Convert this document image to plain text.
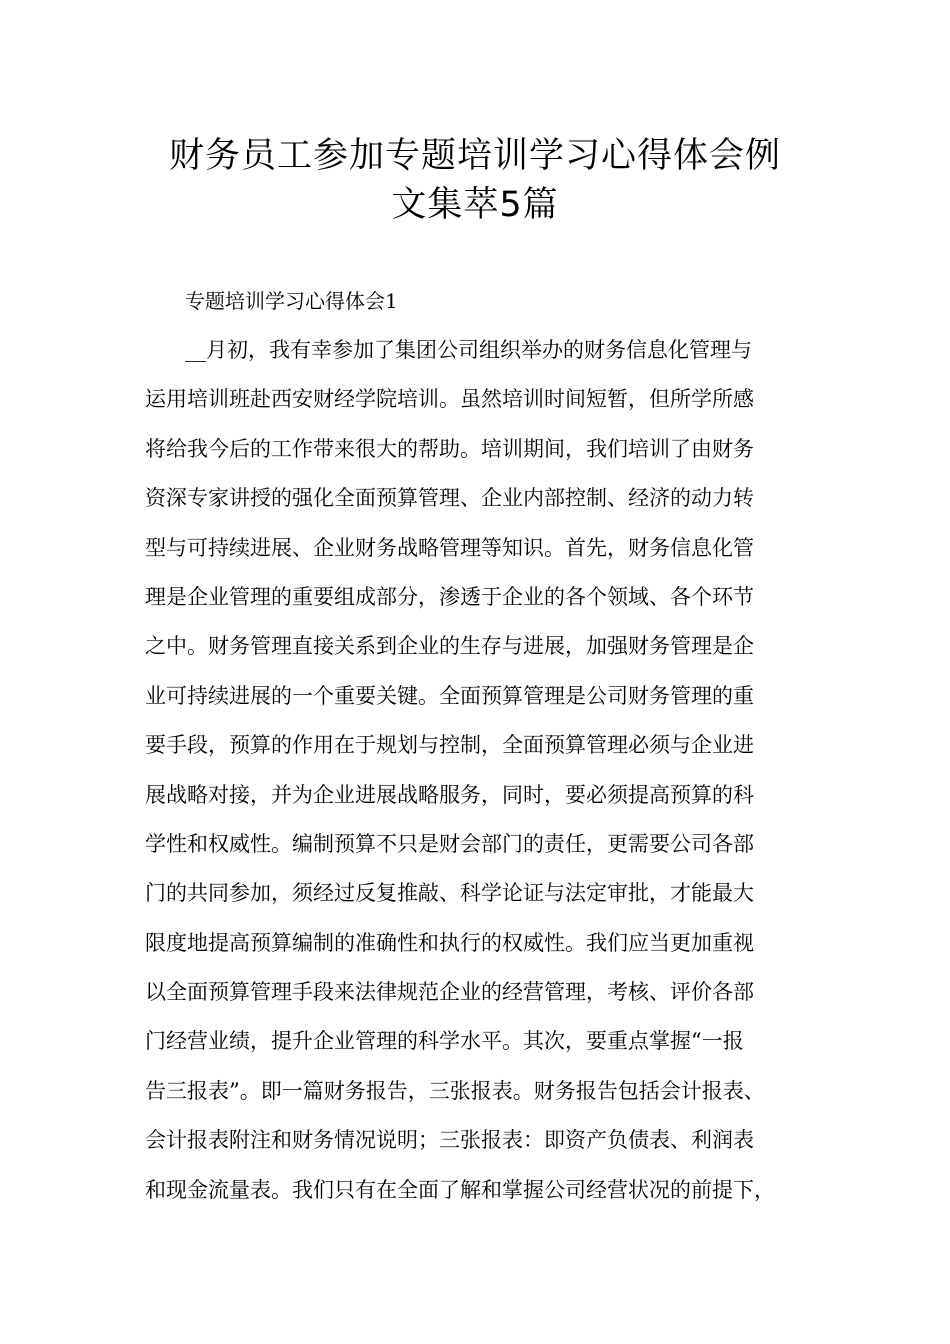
财务员工参加专题培训学习心得体会例
文集萃5篇
专题培训学习心得体会1
__月初，我有幸参加了集团公司组织举办的财务信息化管理与
运用培训班赴西安财经学院培训。虽然培训时间短暂，但所学所感
将给我今后的工作带来很大的帮助。培训期间，我们培训了由财务
资深专家讲授的强化全面预算管理、企业内部控制、经济的动力转
型与可持续进展、企业财务战略管理等知识。首先，财务信息化管
理是企业管理的重要组成部分，渗透于企业的各个领域、各个环节
之中。财务管理直接关系到企业的生存与进展，加强财务管理是企
业可持续进展的一个重要关键。全面预算管理是公司财务管理的重
要手段，预算的作用在于规划与控制，全面预算管理必须与企业进
展战略对接，并为企业进展战略服务，同时，要必须提高预算的科
学性和权威性。编制预算不只是财会部门的责任，更需要公司各部
门的共同参加，须经过反复推敲、科学论证与法定审批，才能最大
限度地提高预算编制的准确性和执行的权威性。我们应当更加重视
以全面预算管理手段来法律规范企业的经营管理，考核、评价各部
门经营业绩，提升企业管理的科学水平。其次，要重点掌握“一报
告三报表”。即一篇财务报告，三张报表。财务报告包括会计报表、
会计报表附注和财务情况说明；三张报表：即资产负债表、利润表
和现金流量表。我们只有在全面了解和掌握公司经营状况的前提下，
